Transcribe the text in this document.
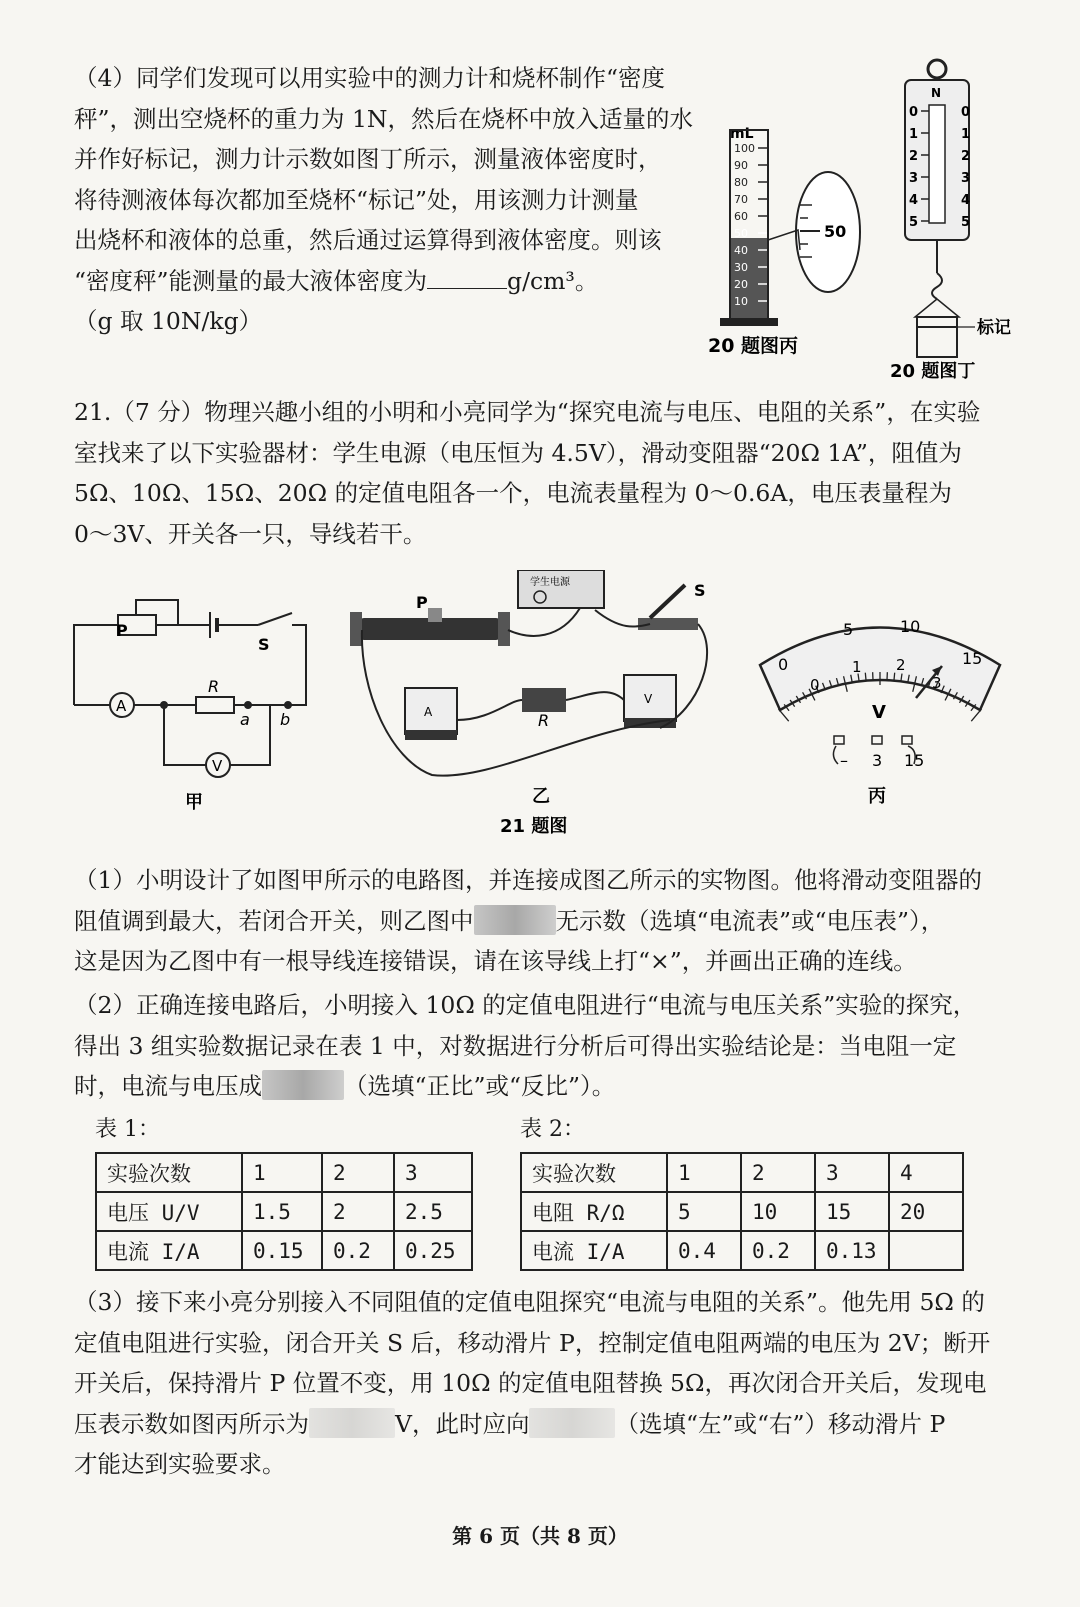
（4）同学们发现可以用实验中的测力计和烧杯制作“密度
秤”，测出空烧杯的重力为 1N，然后在烧杯中放入适量的水
并作好标记，测力计示数如图丁所示，测量液体密度时，
将待测液体每次都加至烧杯“标记”处，用该测力计测量
出烧杯和液体的总重，然后通过运算得到液体密度。则该
“密度秤”能测量的最大液体密度为	g/cm³。
（g 取 10N/kg）
mL
100
90
80
70
60
50
40
30
20
10
50
20 题图丙
N
0	0
1	1
2	2
3	3
4	4
5	5
标记
20 题图丁
21.（7 分）物理兴趣小组的小明和小亮同学为“探究电流与电压、电阻的关系”，在实验
室找来了以下实验器材：学生电源（电压恒为 4.5V），滑动变阻器“20Ω 1A”，阻值为
5Ω、10Ω、15Ω、20Ω 的定值电阻各一个，电流表量程为 0～0.6A，电压表量程为
0～3V、开关各一只，导线若干。
P
S
R
a b
A
V
甲
学生电源
P
S
A
V
R
乙
21 题图
0
5	10
15
0
1 2
3
V
– 3 15
丙
（1）小明设计了如图甲所示的电路图，并连接成图乙所示的实物图。他将滑动变阻器的
阻值调到最大，若闭合开关，则乙图中	无示数（选填“电流表”或“电压表”），
这是因为乙图中有一根导线连接错误，请在该导线上打“×”，并画出正确的连线。
（2）正确连接电路后，小明接入 10Ω 的定值电阻进行“电流与电压关系”实验的探究，
得出 3 组实验数据记录在表 1 中，对数据进行分析后可得出实验结论是：当电阻一定
时，电流与电压成	（选填“正比”或“反比”）。
表 1：
实验次数	1	2	3
电压 U/V	1.5	2	2.5
电流 I/A	0.15	0.2	0.25
表 2：
实验次数	1	2	3	4
电阻 R/Ω	5	10	15	20
电流 I/A	0.4	0.2	0.13	
（3）接下来小亮分别接入不同阻值的定值电阻探究“电流与电阻的关系”。他先用 5Ω 的
定值电阻进行实验，闭合开关 S 后，移动滑片 P，控制定值电阻两端的电压为 2V；断开
开关后，保持滑片 P 位置不变，用 10Ω 的定值电阻替换 5Ω，再次闭合开关后，发现电
压表示数如图丙所示为	V，此时应向	（选填“左”或“右”）移动滑片 P
才能达到实验要求。
第 6 页（共 8 页）
